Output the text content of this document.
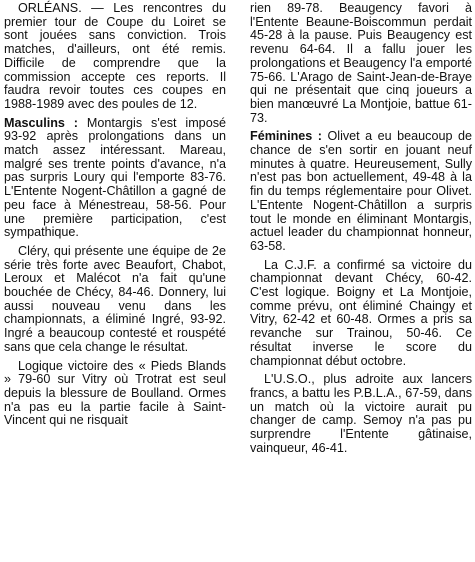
ORLÉANS. — Les rencontres du premier tour de Coupe du Loiret se sont jouées sans conviction. Trois matches, d'ailleurs, ont été remis. Difficile de comprendre que la commission accepte ces reports. Il faudra revoir toutes ces coupes en 1988-1989 avec des poules de 12.

Masculins : Montargis s'est imposé 93-92 après prolongations dans un match assez intéressant. Mareau, malgré ses trente points d'avance, n'a pas surpris Loury qui l'emporte 83-76. L'Entente Nogent-Châtillon a gagné de peu face à Ménestreau, 58-56. Pour une première participation, c'est sympathique.

Cléry, qui présente une équipe de 2e série très forte avec Beaufort, Chabot, Leroux et Malécot n'a fait qu'une bouchée de Chécy, 84-46. Donnery, lui aussi nouveau venu dans les championnats, a éliminé Ingré, 93-92. Ingré a beaucoup contesté et rouspété sans que cela change le résultat.

Logique victoire des « Pieds Blands » 79-60 sur Vitry où Trotrat est seul depuis la blessure de Boulland. Ormes n'a pas eu la partie facile à Saint-Vincent qui ne risquait

rien 89-78. Beaugency favori à l'Entente Beaune-Boiscommun perdait 45-28 à la pause. Puis Beaugency est revenu 64-64. Il a fallu jouer les prolongations et Beaugency l'a emporté 75-66. L'Arago de Saint-Jean-de-Braye qui ne présentait que cinq joueurs a bien manœuvré La Montjoie, battue 61-73.

Féminines : Olivet a eu beaucoup de chance de s'en sortir en jouant neuf minutes à quatre. Heureusement, Sully n'est pas bon actuellement, 49-48 à la fin du temps réglementaire pour Olivet. L'Entente Nogent-Châtillon a surpris tout le monde en éliminant Montargis, actuel leader du championnat honneur, 63-58.

La C.J.F. a confirmé sa victoire du championnat devant Chécy, 60-42. C'est logique. Boigny et La Montjoie, comme prévu, ont éliminé Chaingy et Vitry, 62-42 et 60-48. Ormes a pris sa revanche sur Trainou, 50-46. Ce résultat inverse le score du championnat début octobre.

L'U.S.O., plus adroite aux lancers francs, a battu les P.B.L.A., 67-59, dans un match où la victoire aurait pu changer de camp. Semoy n'a pas pu surprendre l'Entente gâtinaise, vainqueur, 46-41.
